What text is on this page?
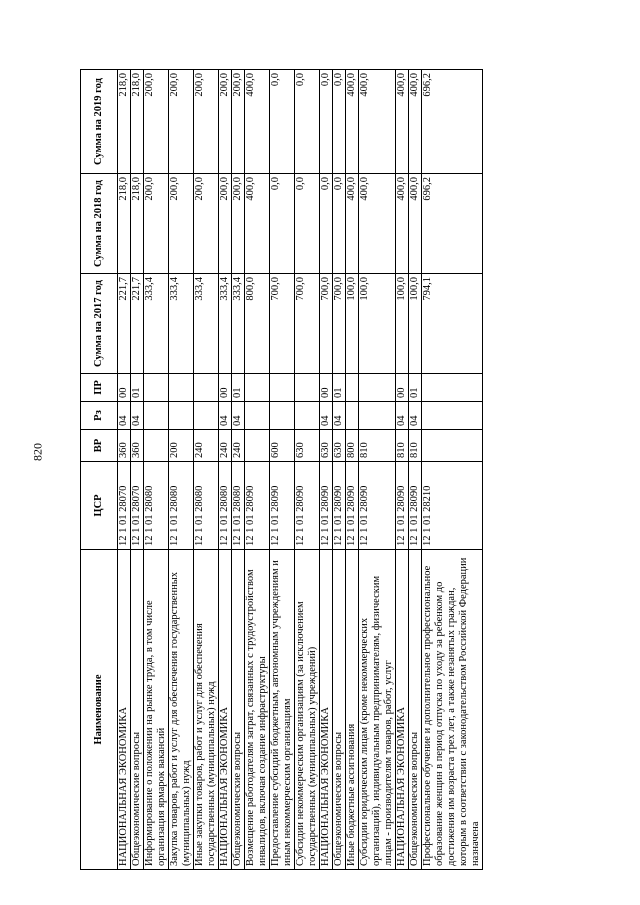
820
Наименование	ЦСР	ВР	Рз	ПР	Сумма на 2017 год	Сумма на 2018 год	Сумма на 2019 год
НАЦИОНАЛЬНАЯ ЭКОНОМИКА	12 1 01 28070	360	04	00	221,7	218,0	218,0
Общеэкономические вопросы	12 1 01 28070	360	04	01	221,7	218,0	218,0
Информирование о положении на рынке труда, в том числе организация ярмарок вакансий	12 1 01 28080				333,4	200,0	200,0
Закупка товаров, работ и услуг для обеспечения государственных (муниципальных) нужд	12 1 01 28080	200			333,4	200,0	200,0
Иные закупки товаров, работ и услуг для обеспечения государственных (муниципальных) нужд	12 1 01 28080	240			333,4	200,0	200,0
НАЦИОНАЛЬНАЯ ЭКОНОМИКА	12 1 01 28080	240	04	00	333,4	200,0	200,0
Общеэкономические вопросы	12 1 01 28080	240	04	01	333,4	200,0	200,0
Возмещение работодателям затрат, связанных с трудоустройством инвалидов, включая создание инфраструктуры	12 1 01 28090				800,0	400,0	400,0
Предоставление субсидий бюджетным, автономным учреждениям и иным некоммерческим организациям	12 1 01 28090	600			700,0	0,0	0,0
Субсидии некоммерческим организациям (за исключением государственных (муниципальных) учреждений)	12 1 01 28090	630			700,0	0,0	0,0
НАЦИОНАЛЬНАЯ ЭКОНОМИКА	12 1 01 28090	630	04	00	700,0	0,0	0,0
Общеэкономические вопросы	12 1 01 28090	630	04	01	700,0	0,0	0,0
Иные бюджетные ассигнования	12 1 01 28090	800			100,0	400,0	400,0
Субсидии юридическим лицам (кроме некоммерческих организаций), индивидуальным предпринимателям, физическим лицам - производителям товаров, работ, услуг	12 1 01 28090	810			100,0	400,0	400,0
НАЦИОНАЛЬНАЯ ЭКОНОМИКА	12 1 01 28090	810	04	00	100,0	400,0	400,0
Общеэкономические вопросы	12 1 01 28090	810	04	01	100,0	400,0	400,0
Профессиональное обучение и дополнительное профессиональное образование женщин в период отпуска по уходу за ребенком до достижения им возраста трех лет, а также незанятых граждан, которым в соответствии с законодательством Российской Федерации назначена	12 1 01 28210				794,1	696,2	696,2
